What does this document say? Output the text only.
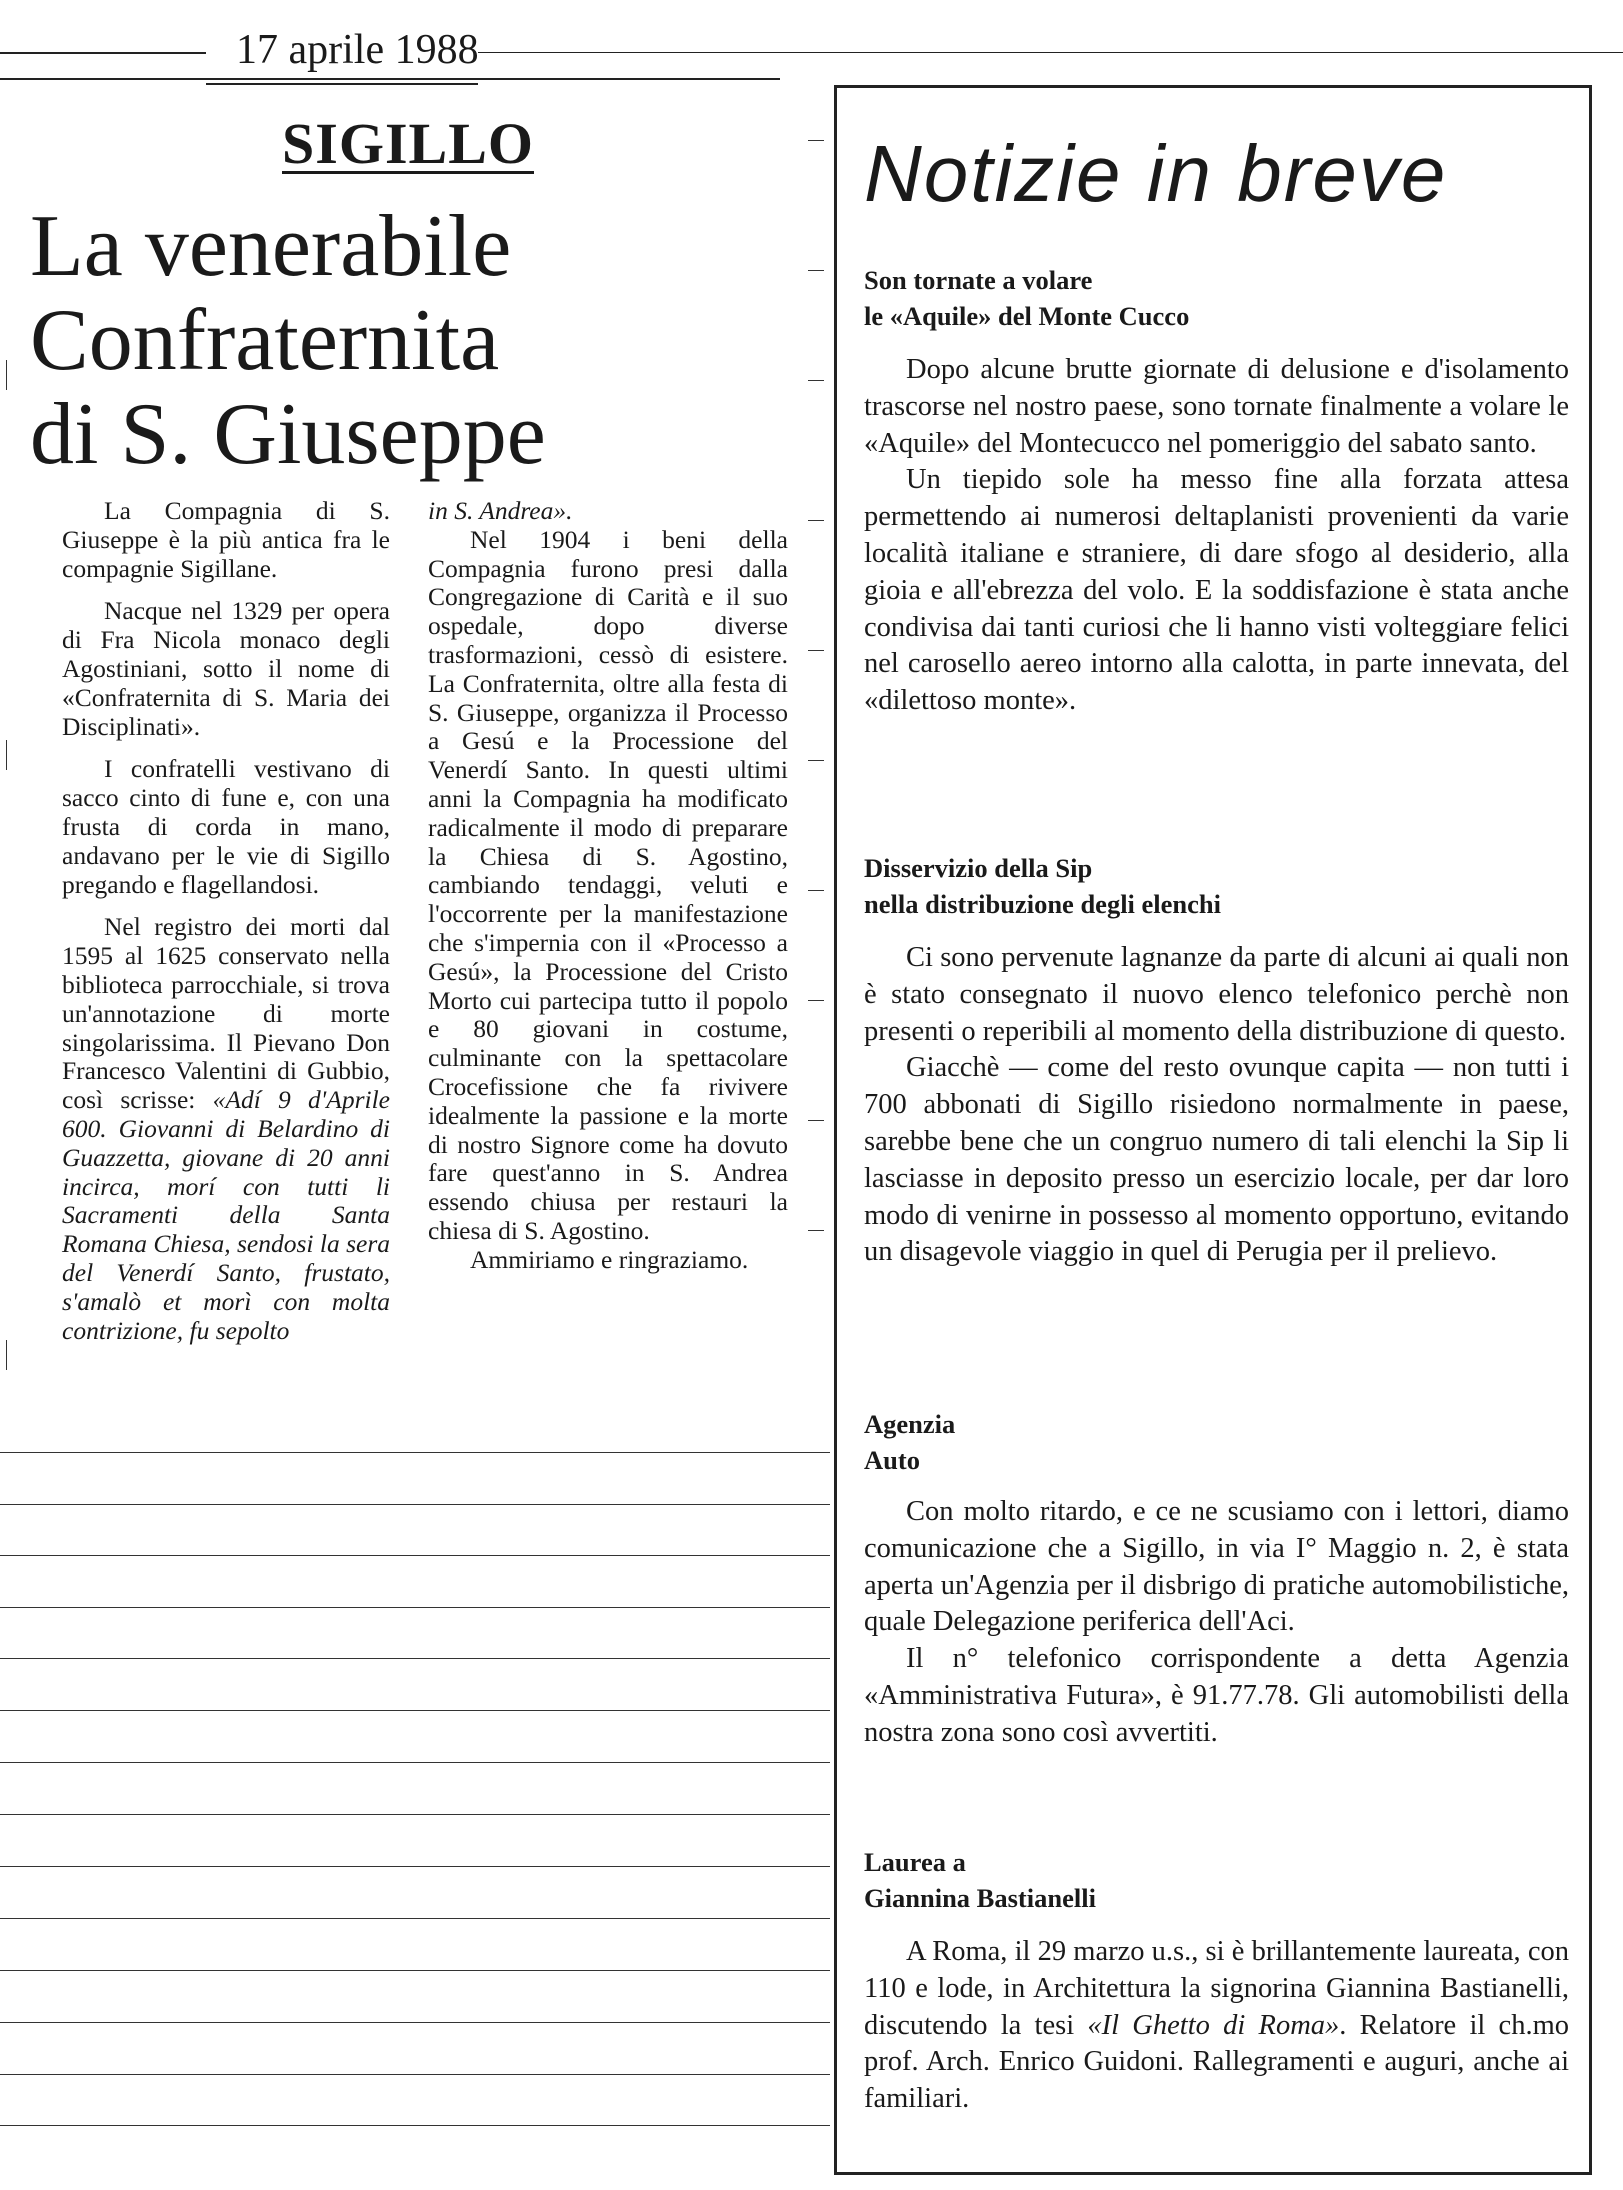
17 aprile 1988
SIGILLO
La venerabile
Confraternita
di S. Giuseppe

La Compagnia di S. Giuseppe è la più antica fra le compagnie Sigillane.

Nacque nel 1329 per opera di Fra Nicola monaco degli Agostiniani, sotto il nome di «Confraternita di S. Maria dei Disciplinati».

I confratelli vestivano di sacco cinto di fune e, con una frusta di corda in mano, andavano per le vie di Sigillo pregando e flagellandosi.

Nel registro dei morti dal 1595 al 1625 conservato nella biblioteca parrocchiale, si trova un'annotazione di morte singolarissima. Il Pievano Don Francesco Valentini di Gubbio, così scrisse: «Adí 9 d'Aprile 600. Giovanni di Belardino di Guazzetta, giovane di 20 anni incirca, morí con tutti li Sacramenti della Santa Romana Chiesa, sendosi la sera del Venerdí Santo, frustato, s'amalò et morì con molta contrizione, fu sepolto

in S. Andrea».

Nel 1904 i beni della Compagnia furono presi dalla Congregazione di Carità e il suo ospedale, dopo diverse trasformazioni, cessò di esistere. La Confraternita, oltre alla festa di S. Giuseppe, organizza il Processo a Gesú e la Processione del Venerdí Santo. In questi ultimi anni la Compagnia ha modificato radicalmente il modo di preparare la Chiesa di S. Agostino, cambiando tendaggi, veluti e l'occorrente per la manifestazione che s'impernia con il «Processo a Gesú», la Processione del Cristo Morto cui partecipa tutto il popolo e 80 giovani in costume, culminante con la spettacolare Crocefissione che fa rivivere idealmente la passione e la morte di nostro Signore come ha dovuto fare quest'anno in S. Andrea essendo chiusa per restauri la chiesa di S. Agostino.

Ammiriamo e ringraziamo.

Notizie in breve
Son tornate a volare
le «Aquile» del Monte Cucco

Dopo alcune brutte giornate di delusione e d'isolamento trascorse nel nostro paese, sono tornate finalmente a volare le «Aquile» del Montecucco nel pomeriggio del sabato santo.

Un tiepido sole ha messo fine alla forzata attesa permettendo ai numerosi deltaplanisti provenienti da varie località italiane e straniere, di dare sfogo al desiderio, alla gioia e all'ebrezza del volo. E la soddisfazione è stata anche condivisa dai tanti curiosi che li hanno visti volteggiare felici nel carosello aereo intorno alla calotta, in parte innevata, del «dilettoso monte».

Disservizio della Sip
nella distribuzione degli elenchi

Ci sono pervenute lagnanze da parte di alcuni ai quali non è stato consegnato il nuovo elenco telefonico perchè non presenti o reperibili al momento della distribuzione di questo.

Giacchè — come del resto ovunque capita — non tutti i 700 abbonati di Sigillo risiedono normalmente in paese, sarebbe bene che un congruo numero di tali elenchi la Sip li lasciasse in deposito presso un esercizio locale, per dar loro modo di venirne in possesso al momento opportuno, evitando un disagevole viaggio in quel di Perugia per il prelievo.

Agenzia
Auto

Con molto ritardo, e ce ne scusiamo con i lettori, diamo comunicazione che a Sigillo, in via I° Maggio n. 2, è stata aperta un'Agenzia per il disbrigo di pratiche automobilistiche, quale Delegazione periferica dell'Aci.

Il n° telefonico corrispondente a detta Agenzia «Amministrativa Futura», è 91.77.78. Gli automobilisti della nostra zona sono così avvertiti.

Laurea a
Giannina Bastianelli

A Roma, il 29 marzo u.s., si è brillantemente laureata, con 110 e lode, in Architettura la signorina Giannina Bastianelli, discutendo la tesi «Il Ghetto di Roma». Relatore il ch.mo prof. Arch. Enrico Guidoni. Rallegramenti e auguri, anche ai familiari.
